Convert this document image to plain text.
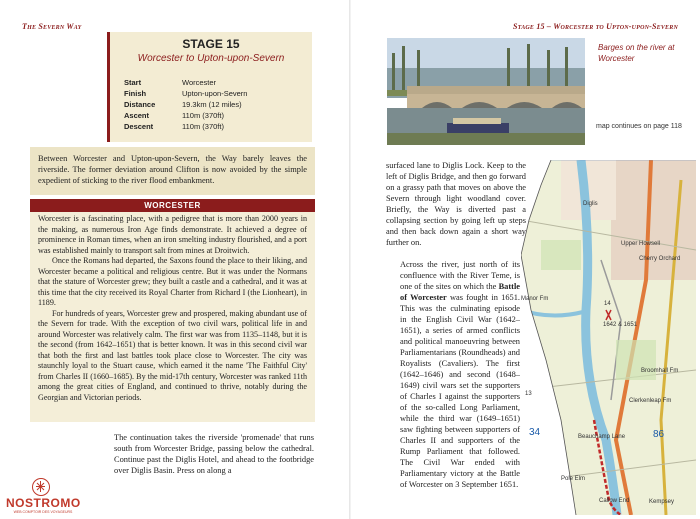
The Severn Way
STAGE 15
Worcester to Upton-upon-Severn
Start	Worcester
Finish	Upton-upon-Severn
Distance	19.3km (12 miles)
Ascent	110m (370ft)
Descent	110m (370ft)
Between Worcester and Upton-upon-Severn, the Way barely leaves the riverside. The former deviation around Clifton is now avoided by the simple expedient of sticking to the river flood embankment.
WORCESTER

Worcester is a fascinating place, with a pedigree that is more than 2000 years in the making, as numerous Iron Age finds demonstrate. It achieved a degree of prominence in Roman times, when an iron smelting industry flourished, and a port was established mainly to transport salt from mines at Droitwich.

Once the Romans had departed, the Saxons found the place to their liking, and Worcester became a political and religious centre. But it was under the Normans that the stature of Worcester grew; they built a castle and a cathedral, and it was at this time that the city received its Royal Charter from Richard I (the Lionheart), in 1189.

For hundreds of years, Worcester grew and prospered, making abundant use of the Severn for trade. With the exception of two civil wars, political life in and around Worcester was relatively calm. The first war was from 1135–1148, but it is the second (from 1642–1651) that is better known. It was in this second civil war that both the first and last battles took place close to Worcester. The city was staunchly loyal to the Stuart cause, which earned it the name 'The Faithful City' from Charles II (1660–1685). By the mid-17th century, Worcester was ranked 11th among the great cities of England, and continued to thrive, notably during the Georgian and Victorian periods.

The continuation takes the riverside 'promenade' that runs south from Worcester Bridge, passing below the cathedral. Continue past the Diglis Hotel, and ahead to the footbridge over Diglis Basin. Press on along a
NOSTROMO
WEB COMPTOIR DES VOYAGEURS
Stage 15 – Worcester to Upton-upon-Severn
Barges on the river at Worcester
map continues on page 118
surfaced lane to Diglis Lock. Keep to the left of Diglis Bridge, and then go forward on a grassy path that moves on above the Severn through light woodland cover. Briefly, the Way is diverted past a collapsing section by going left up steps and then back down again a short way further on.
Across the river, just north of its confluence with the River Teme, is one of the sites on which the Battle of Worcester was fought in 1651. This was the culminating episode in the English Civil War (1642–1651), a series of armed conflicts and political manoeuvring between Parliamentarians (Roundheads) and Royalists (Cavaliers). The first (1642–1646) and second (1648–1649) civil wars set the supporters of Charles I against the supporters of the so-called Long Parliament, while the third war (1649–1651) saw fighting between supporters of Charles II and supporters of the Rump Parliament that followed. The Civil War ended with Parliamentary victory at the Battle of Worcester on 3 September 1651.
Diglis
Upper Howsell
Cherry Orchard
Manor Fm
Broomhall Fm
Clerkenleap Fm
Beauchamp Lane
Pole Elm
Callow End	Kempsey
1642 & 1651
13
14
34	86
